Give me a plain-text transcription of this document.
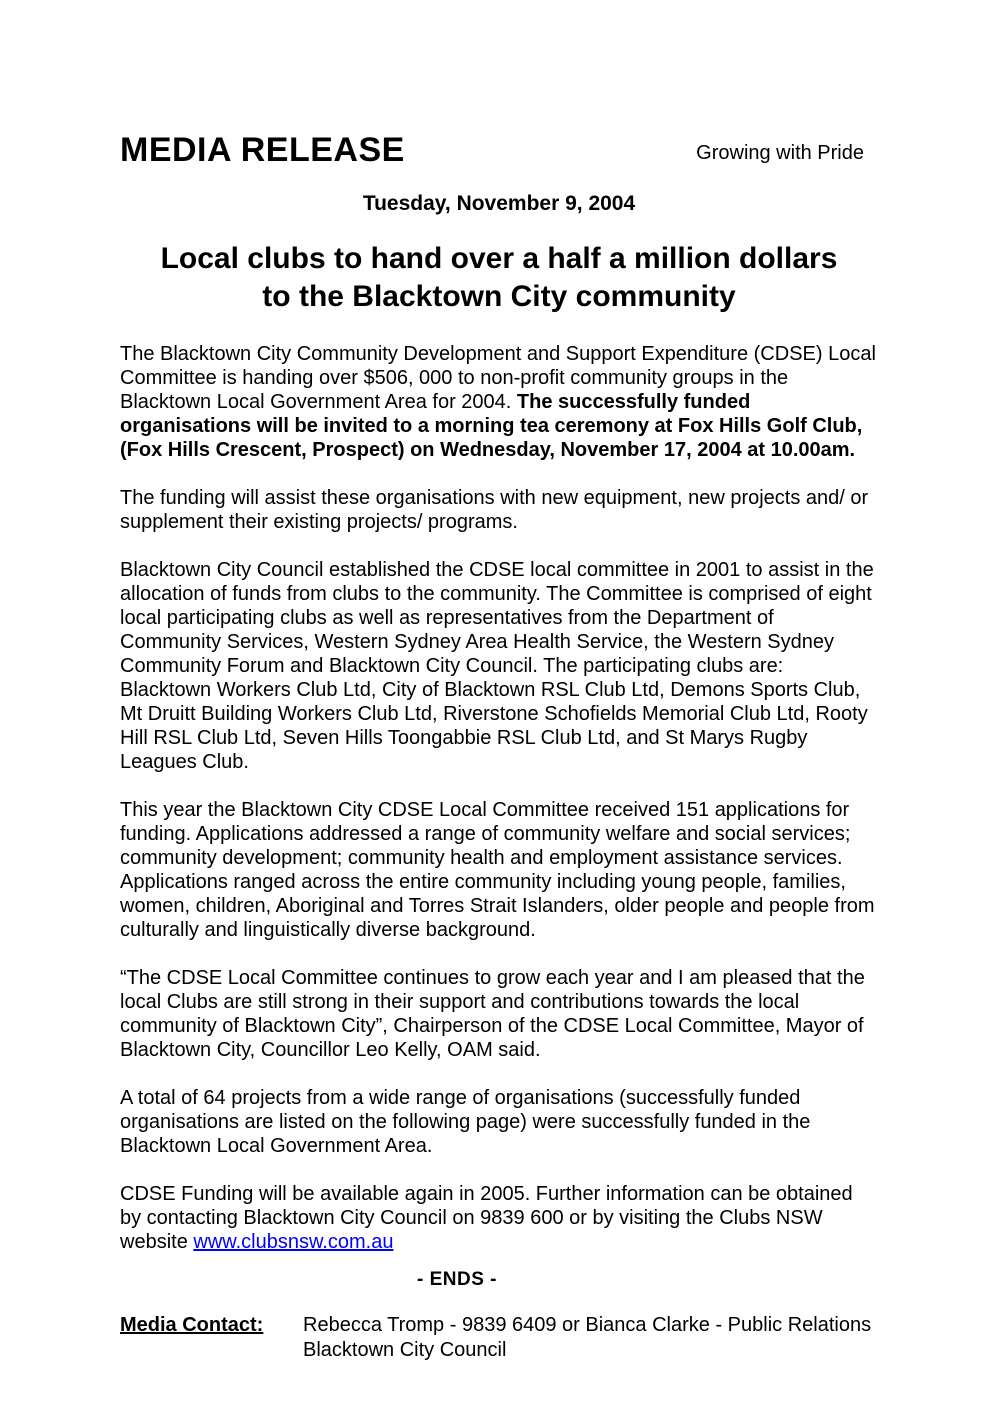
MEDIA RELEASE	Growing with Pride
Tuesday, November 9, 2004
Local clubs to hand over a half a million dollars
to the Blacktown City community

The Blacktown City Community Development and Support Expenditure (CDSE) Local Committee is handing over $506, 000 to non-profit community groups in the Blacktown Local Government Area for 2004. The successfully funded organisations will be invited to a morning tea ceremony at Fox Hills Golf Club, (Fox Hills Crescent, Prospect) on Wednesday, November 17, 2004 at 10.00am.

The funding will assist these organisations with new equipment, new projects and/ or supplement their existing projects/ programs.

Blacktown City Council established the CDSE local committee in 2001 to assist in the allocation of funds from clubs to the community. The Committee is comprised of eight local participating clubs as well as representatives from the Department of Community Services, Western Sydney Area Health Service, the Western Sydney Community Forum and Blacktown City Council. The participating clubs are: Blacktown Workers Club Ltd, City of Blacktown RSL Club Ltd, Demons Sports Club, Mt Druitt Building Workers Club Ltd, Riverstone Schofields Memorial Club Ltd, Rooty Hill RSL Club Ltd, Seven Hills Toongabbie RSL Club Ltd, and St Marys Rugby Leagues Club.

This year the Blacktown City CDSE Local Committee received 151 applications for funding. Applications addressed a range of community welfare and social services; community development; community health and employment assistance services. Applications ranged across the entire community including young people, families, women, children, Aboriginal and Torres Strait Islanders, older people and people from culturally and linguistically diverse background.

“The CDSE Local Committee continues to grow each year and I am pleased that the local Clubs are still strong in their support and contributions towards the local community of Blacktown City”, Chairperson of the CDSE Local Committee, Mayor of Blacktown City, Councillor Leo Kelly, OAM said.

A total of 64 projects from a wide range of organisations (successfully funded organisations are listed on the following page) were successfully funded in the Blacktown Local Government Area.

CDSE Funding will be available again in 2005. Further information can be obtained by contacting Blacktown City Council on 9839 600 or by visiting the Clubs NSW website www.clubsnsw.com.au

- ENDS -
Media Contact:	Rebecca Tromp - 9839 6409 or Bianca Clarke - Public Relations
Blacktown City Council
